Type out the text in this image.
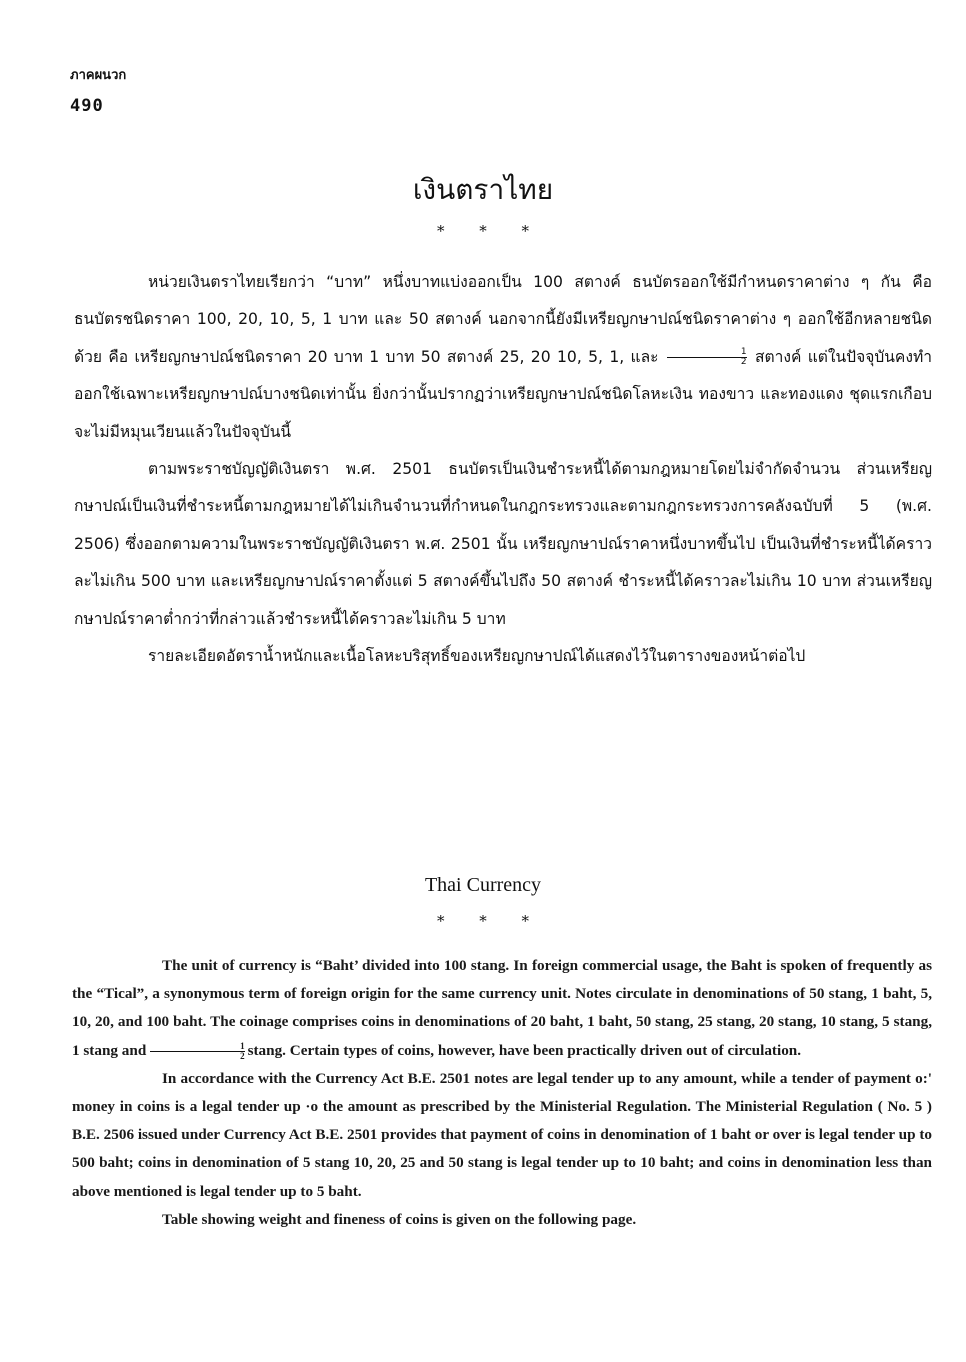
ภาคผนวก
490
เงินตราไทย
* * *

หน่วยเงินตราไทยเรียกว่า “บาท” หนึ่งบาทแบ่งออกเป็น 100 สตางค์ ธนบัตรออกใช้มีกำหนดราคาต่าง ๆ กัน คือ ธนบัตรชนิดราคา 100, 20, 10, 5, 1 บาท และ 50 สตางค์ นอกจากนี้ยังมีเหรียญกษาปณ์ชนิดราคาต่าง ๆ ออกใช้อีกหลายชนิดด้วย คือ เหรียญกษาปณ์ชนิดราคา 20 บาท 1 บาท 50 สตางค์ 25, 20 10, 5, 1, และ $\frac{1}{2}$ สตางค์ แต่ในปัจจุบันคงทำออกใช้เฉพาะเหรียญกษาปณ์บางชนิดเท่านั้น ยิ่งกว่านั้นปรากฏว่าเหรียญกษาปณ์ชนิดโลหะเงิน ทองขาว และทองแดง ชุดแรกเกือบจะไม่มีหมุนเวียนแล้วในปัจจุบันนี้

ตามพระราชบัญญัติเงินตรา พ.ศ. 2501 ธนบัตรเป็นเงินชำระหนี้ได้ตามกฎหมายโดยไม่จำกัดจำนวน ส่วนเหรียญกษาปณ์เป็นเงินที่ชำระหนี้ตามกฎหมายได้ไม่เกินจำนวนที่กำหนดในกฎกระทรวงและตามกฎกระทรวงการคลังฉบับที่ 5 (พ.ศ. 2506) ซึ่งออกตามความในพระราชบัญญัติเงินตรา พ.ศ. 2501 นั้น เหรียญกษาปณ์ราคาหนึ่งบาทขึ้นไป เป็นเงินที่ชำระหนี้ได้คราวละไม่เกิน 500 บาท และเหรียญกษาปณ์ราคาตั้งแต่ 5 สตางค์ขึ้นไปถึง 50 สตางค์ ชำระหนี้ได้คราวละไม่เกิน 10 บาท ส่วนเหรียญกษาปณ์ราคาต่ำกว่าที่กล่าวแล้วชำระหนี้ได้คราวละไม่เกิน 5 บาท

รายละเอียดอัตราน้ำหนักและเนื้อโลหะบริสุทธิ์ของเหรียญกษาปณ์ได้แสดงไว้ในตารางของหน้าต่อไป

Thai Currency
* * *

The unit of currency is “Baht’ divided into 100 stang. In foreign commercial usage, the Baht is spoken of frequently as the “Tical”, a synonymous term of foreign origin for the same currency unit. Notes circulate in denominations of 50 stang, 1 baht, 5, 10, 20, and 100 baht. The coinage comprises coins in denominations of 20 baht, 1 baht, 50 stang, 25 stang, 20 stang, 10 stang, 5 stang, 1 stang and $\frac{1}{2} stang$. Certain types of coins, however, have been practically driven out of circulation.

In accordance with the Currency Act B.E. 2501 notes are legal tender up to any amount, while a tender of payment o:' money in coins is a legal tender up ·o the amount as prescribed by the Ministerial Regulation. The Ministerial Regulation ( No. 5 ) B.E. 2506 issued under Currency Act B.E. 2501 provides that payment of coins in denomination of 1 baht or over is legal tender up to 500 baht; coins in denomination of 5 stang 10, 20, 25 and 50 stang is legal tender up to 10 baht; and coins in denomination less than above mentioned is legal tender up to 5 baht.

Table showing weight and fineness of coins is given on the following page.
